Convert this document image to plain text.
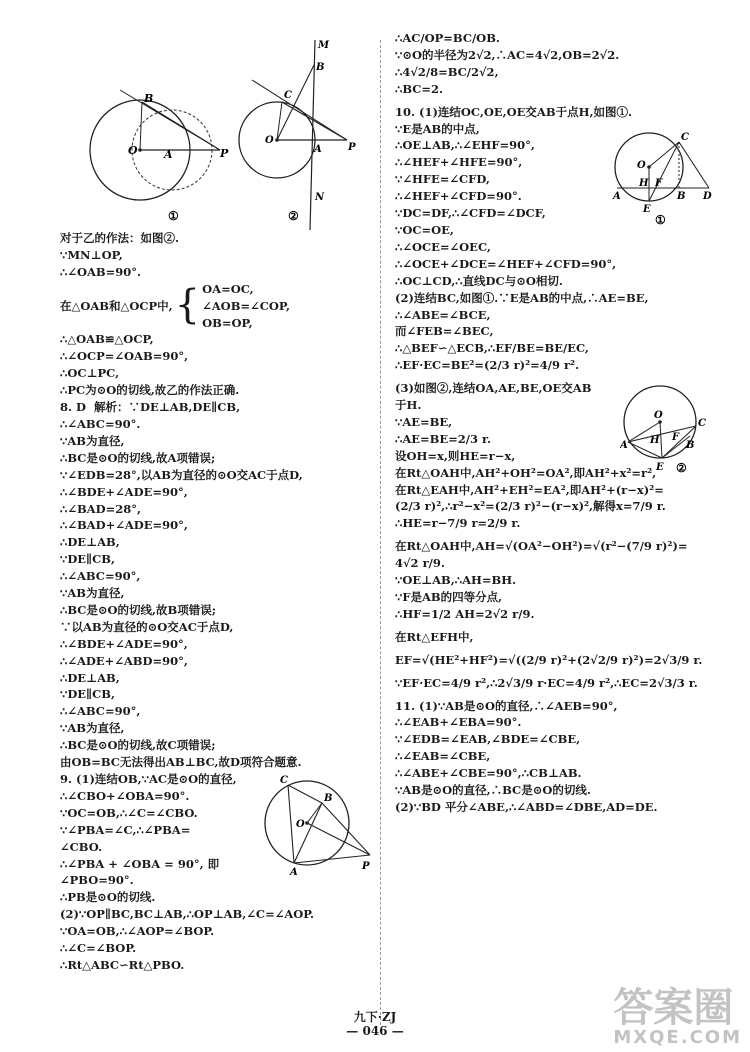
B
O A	P
①
M
B
C
O
A	P
N
②
对于乙的作法：如图②.
∵MN⊥OP,
∴∠OAB=90°.
在△OAB和△OCP中, { OA=OC,
∠AOB=∠COP,
OB=OP,
∴△OAB≌△OCP,
∴∠OCP=∠OAB=90°,
∴OC⊥PC,
∴PC为⊙O的切线,故乙的作法正确.
8. D  解析：∵DE⊥AB,DE∥CB,
∴∠ABC=90°.
∵AB为直径,
∴BC是⊙O的切线,故A项错误;
∵∠EDB=28°,以AB为直径的⊙O交AC于点D,
∴∠BDE+∠ADE=90°,
∴∠BAD=28°,
∴∠BAD+∠ADE=90°,
∴DE⊥AB,
∵DE∥CB,
∴∠ABC=90°,
∵AB为直径,
∴BC是⊙O的切线,故B项错误;
∵以AB为直径的⊙O交AC于点D,
∴∠BDE+∠ADE=90°,
∴∠ADE+∠ABD=90°,
∴DE⊥AB,
∵DE∥CB,
∴∠ABC=90°,
∵AB为直径,
∴BC是⊙O的切线,故C项错误;
由OB=BC无法得出AB⊥BC,故D项符合题意.
C
B
O
A
P
9. (1)连结OB,∵AC是⊙O的直径,
∴∠CBO+∠OBA=90°.
∵OC=OB,∴∠C=∠CBO.
∵∠PBA=∠C,∴∠PBA=
∠CBO.
∴∠PBA + ∠OBA = 90°, 即
∠PBO=90°.
∴PB是⊙O的切线.
(2)∵OP∥BC,BC⊥AB,∴OP⊥AB,∠C=∠AOP.
∵OA=OB,∴∠AOP=∠BOP.
∴∠C=∠BOP.
∴Rt△ABC∽Rt△PBO.
∴AC/OP=BC/OB.
∵⊙O的半径为2√2,∴AC=4√2,OB=2√2.
∴4√2/8=BC/2√2,
∴BC=2.
C
O
H F
A	B D
E
①
10. (1)连结OC,OE,OE交AB于点H,如图①.
∵E是AB的中点,
∴OE⊥AB,∴∠EHF=90°,
∴∠HEF+∠HFE=90°,
∵∠HFE=∠CFD,
∴∠HEF+∠CFD=90°.
∵DC=DF,∴∠CFD=∠DCF,
∵OC=OE,
∴∠OCE=∠OEC,
∴∠OCE+∠DCE=∠HEF+∠CFD=90°,
∴OC⊥CD,∴直线DC与⊙O相切.
(2)连结BC,如图①.∵E是AB的中点,∴AE=BE,
∴∠ABE=∠BCE,
而∠FEB=∠BEC,
∴△BEF∽△ECB,∴EF/BE=BE/EC,
∴EF·EC=BE²=(2/3 r)²=4/9 r².
O
H F
A	B
C
E ②
(3)如图②,连结OA,AE,BE,OE交AB
于H.
∵AE=BE,
∴AE=BE=2/3 r.
设OH=x,则HE=r−x,
在Rt△OAH中,AH²+OH²=OA²,即AH²+x²=r²,
在Rt△EAH中,AH²+EH²=EA²,即AH²+(r−x)²=
(2/3 r)²,∴r²−x²=(2/3 r)²−(r−x)²,解得x=7/9 r.
∴HE=r−7/9 r=2/9 r.
在Rt△OAH中,AH=√(OA²−OH²)=√(r²−(7/9 r)²)=
4√2 r/9.
∵OE⊥AB,∴AH=BH.
∵F是AB的四等分点,
∴HF=1/2 AH=2√2 r/9.
在Rt△EFH中,
EF=√(HE²+HF²)=√((2/9 r)²+(2√2/9 r)²)=2√3/9 r.
∵EF·EC=4/9 r²,∴2√3/9 r·EC=4/9 r²,∴EC=2√3/3 r.
11. (1)∵AB是⊙O的直径,∴∠AEB=90°,
∴∠EAB+∠EBA=90°.
∵∠EDB=∠EAB,∠BDE=∠CBE,
∴∠EAB=∠CBE,
∴∠ABE+∠CBE=90°,∴CB⊥AB.
∵AB是⊙O的直径,∴BC是⊙O的切线.
(2)∵BD 平分∠ABE,∴∠ABD=∠DBE,AD=DE.
九下·ZJ
— 046 —	答案圈
MXQE.COM
